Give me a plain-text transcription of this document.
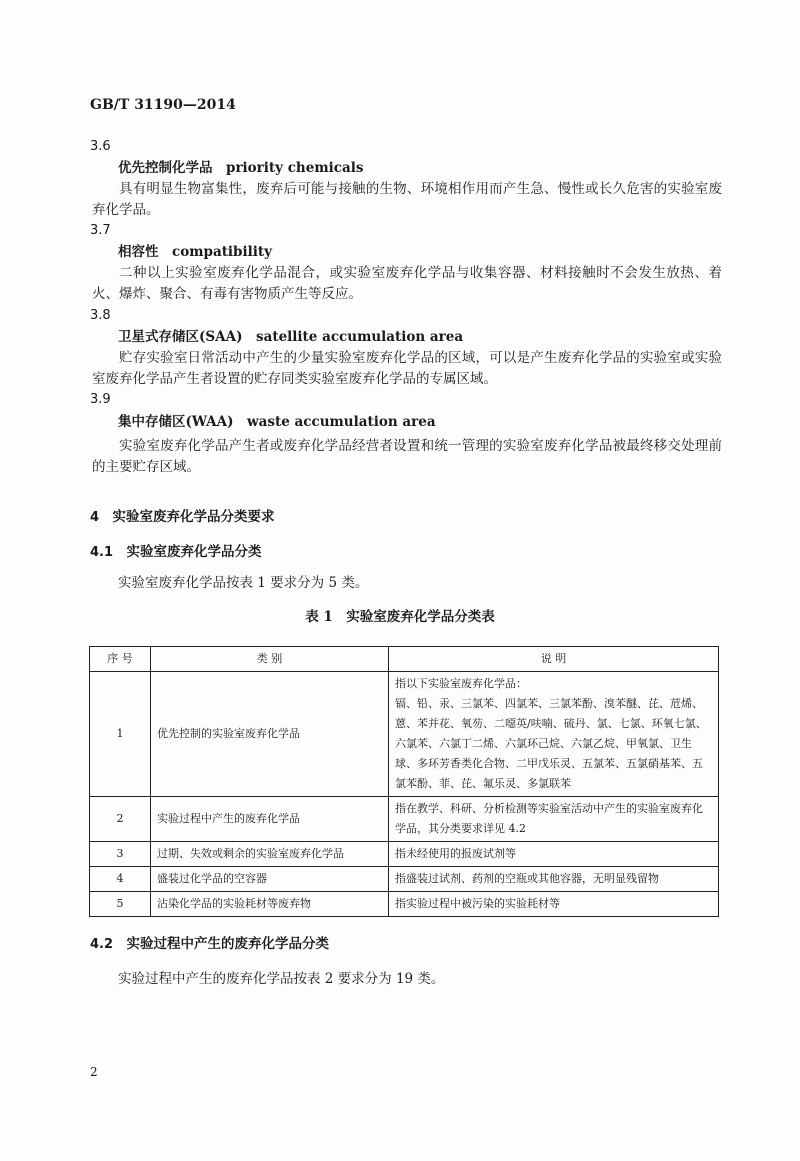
GB/T 31190—2014
3.6
优先控制化学品　 priority chemicals
具有明显生物富集性，废弃后可能与接触的生物、环境相作用而产生急、慢性或长久危害的实验室废弃化学品。
3.7
相容性　 compatibility
二种以上实验室废弃化学品混合，或实验室废弃化学品与收集容器、材料接触时不会发生放热、着火、爆炸、聚合、有毒有害物质产生等反应。
3.8
卫星式存储区(SAA)　 satellite accumulation area
贮存实验室日常活动中产生的少量实验室废弃化学品的区域，可以是产生废弃化学品的实验室或实验室废弃化学品产生者设置的贮存同类实验室废弃化学品的专属区域。
3.9
集中存储区(WAA)　 waste accumulation area
实验室废弃化学品产生者或废弃化学品经营者设置和统一管理的实验室废弃化学品被最终移交处理前的主要贮存区域。
4　 实验室废弃化学品分类要求
4.1　 实验室废弃化学品分类
实验室废弃化学品按表 1 要求分为 5 类。
表 1　实验室废弃化学品分类表
序 号	类 别	说 明
1	优先控制的实验室废弃化学品	指以下实验室废弃化学品：
镉、铅、汞、三氯苯、四氯苯、三氯苯酚、溴苯醚、芘、苊烯、蒽、苯并花、氧芴、二噁英/呋喃、硫丹、氯、七氯、环氧七氯、六氯苯、六氯丁二烯、六氯环己烷、六氯乙烷、甲氧氯、卫生球、多环芳香类化合物、二甲戊乐灵、五氯苯、五氯硝基苯、五氯苯酚、菲、芘、氟乐灵、多氯联苯

2	实验过程中产生的废弃化学品	指在教学、科研、分析检测等实验室活动中产生的实验室废弃化学品，其分类要求详见 4.2
3	过期、失效或剩余的实验室废弃化学品	指未经使用的报废试剂等
4	盛装过化学品的空容器	指盛装过试剂、药剂的空瓶或其他容器，无明显残留物
5	沾染化学品的实验耗材等废弃物	指实验过程中被污染的实验耗材等
4.2　 实验过程中产生的废弃化学品分类
实验过程中产生的废弃化学品按表 2 要求分为 19 类。
2
